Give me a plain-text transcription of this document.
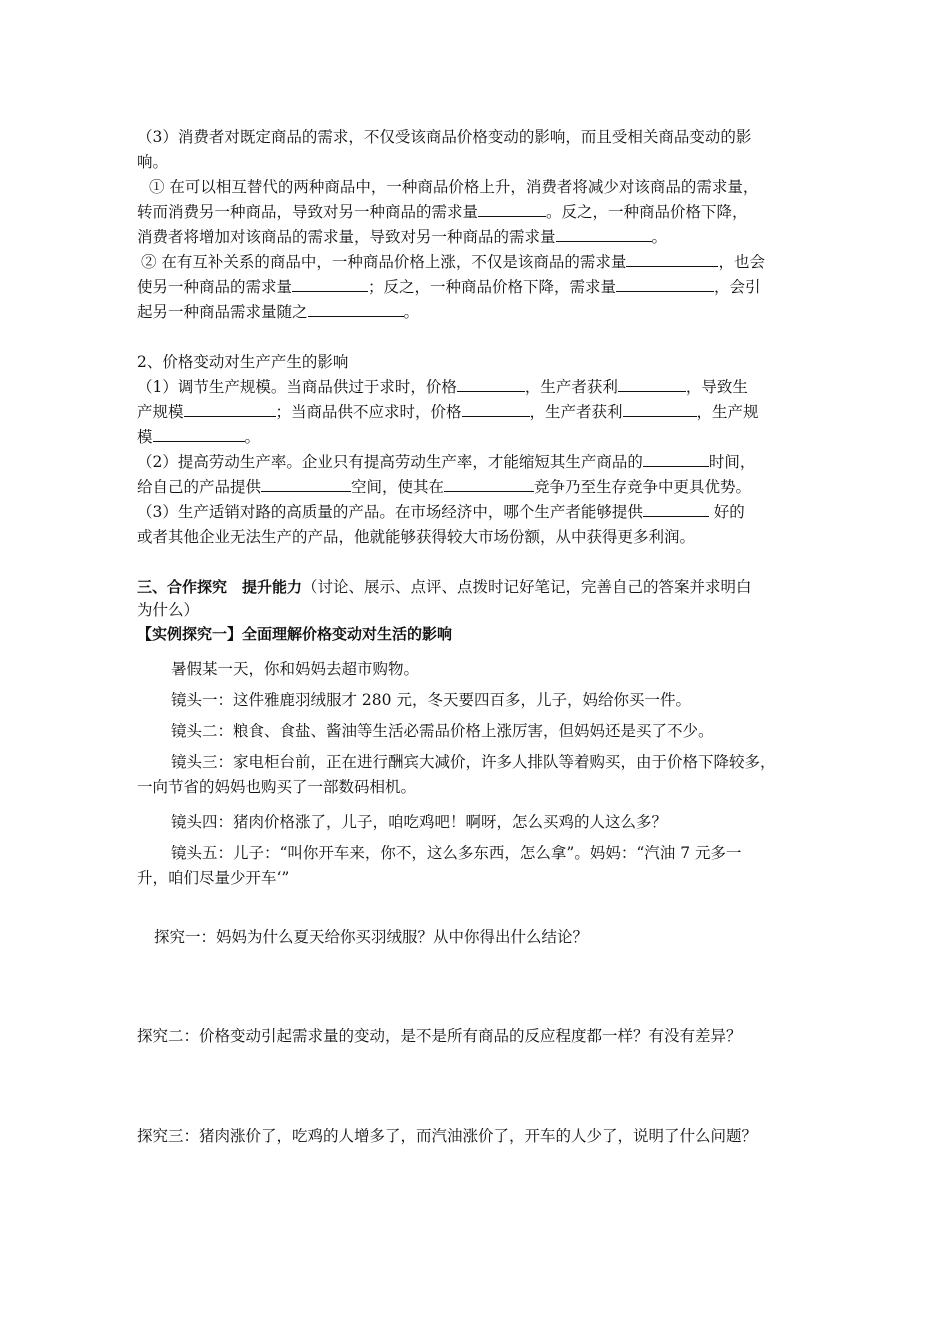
（3）消费者对既定商品的需求，不仅受该商品价格变动的影响，而且受相关商品变动的影
响。
① 在可以相互替代的两种商品中，一种商品价格上升，消费者将减少对该商品的需求量，
转而消费另一种商品，导致对另一种商品的需求量	。反之，一种商品价格下降，
消费者将增加对该商品的需求量，导致对另一种商品的需求量	。
② 在有互补关系的商品中，一种商品价格上涨，不仅是该商品的需求量	，也会
使另一种商品的需求量	；反之，一种商品价格下降，需求量	，会引
起另一种商品需求量随之	。
2、价格变动对生产产生的影响
（1）调节生产规模。当商品供过于求时，价格	，生产者获利	，导致生
产规模	；当商品供不应求时，价格	，生产者获利	，生产规
模	。
（2）提高劳动生产率。企业只有提高劳动生产率，才能缩短其生产商品的	时间，
给自己的产品提供	空间，使其在	竞争乃至生存竞争中更具优势。
（3）生产适销对路的高质量的产品。在市场经济中，哪个生产者能够提供	好的
或者其他企业无法生产的产品，他就能够获得较大市场份额，从中获得更多利润。
三、合作探究　提升能力（讨论、展示、点评、点拨时记好笔记，完善自己的答案并求明白
为什么）
【实例探究一】全面理解价格变动对生活的影响
暑假某一天，你和妈妈去超市购物。
镜头一：这件雅鹿羽绒服才 280 元，冬天要四百多，儿子，妈给你买一件。
镜头二：粮食、食盐、酱油等生活必需品价格上涨厉害，但妈妈还是买了不少。
镜头三：家电柜台前，正在进行酬宾大减价，许多人排队等着购买，由于价格下降较多，
一向节省的妈妈也购买了一部数码相机。
镜头四：猪肉价格涨了，儿子，咱吃鸡吧！啊呀，怎么买鸡的人这么多？
镜头五：儿子：“叫你开车来，你不，这么多东西，怎么拿”。妈妈：“汽油 7 元多一
升，咱们尽量少开车‘”
探究一：妈妈为什么夏天给你买羽绒服？从中你得出什么结论？
探究二：价格变动引起需求量的变动，是不是所有商品的反应程度都一样？有没有差异？
探究三：猪肉涨价了，吃鸡的人增多了，而汽油涨价了，开车的人少了，说明了什么问题？
